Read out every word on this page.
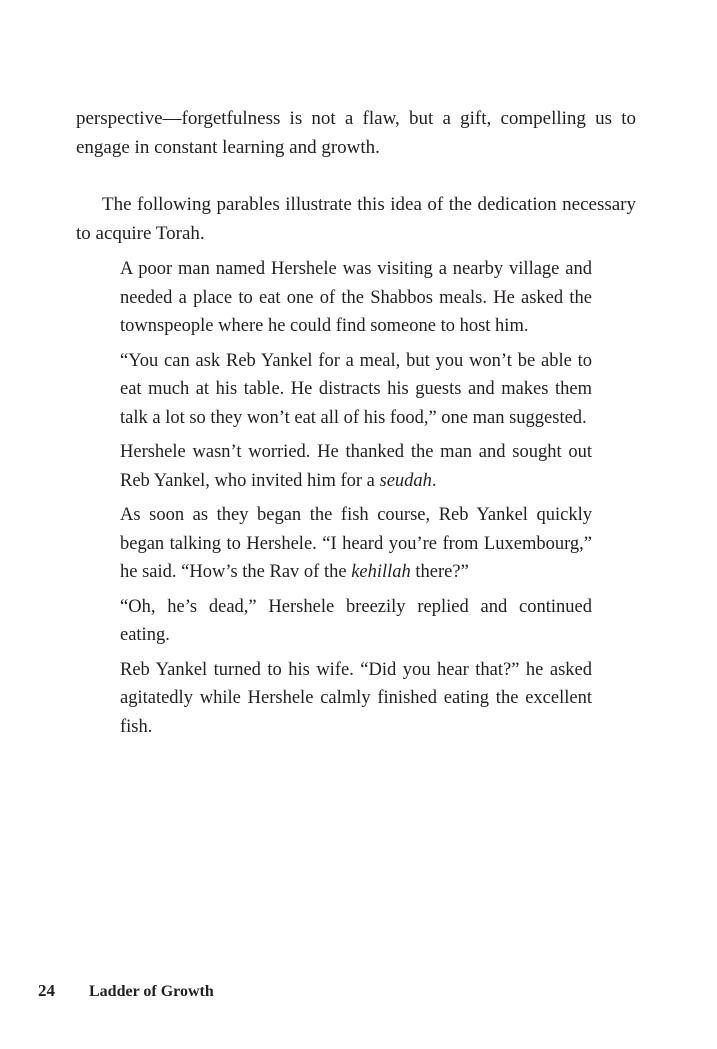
perspective—forgetfulness is not a flaw, but a gift, compelling us to engage in constant learning and growth.

The following parables illustrate this idea of the dedication necessary to acquire Torah.

A poor man named Hershele was visiting a nearby village and needed a place to eat one of the Shabbos meals. He asked the townspeople where he could find someone to host him.

“You can ask Reb Yankel for a meal, but you won’t be able to eat much at his table. He distracts his guests and makes them talk a lot so they won’t eat all of his food,” one man suggested.

Hershele wasn’t worried. He thanked the man and sought out Reb Yankel, who invited him for a seudah.

As soon as they began the fish course, Reb Yankel quickly began talking to Hershele. “I heard you’re from Luxembourg,” he said. “How’s the Rav of the kehillah there?”

“Oh, he’s dead,” Hershele breezily replied and continued eating.

Reb Yankel turned to his wife. “Did you hear that?” he asked agitatedly while Hershele calmly finished eating the excellent fish.

24	Ladder of Growth
